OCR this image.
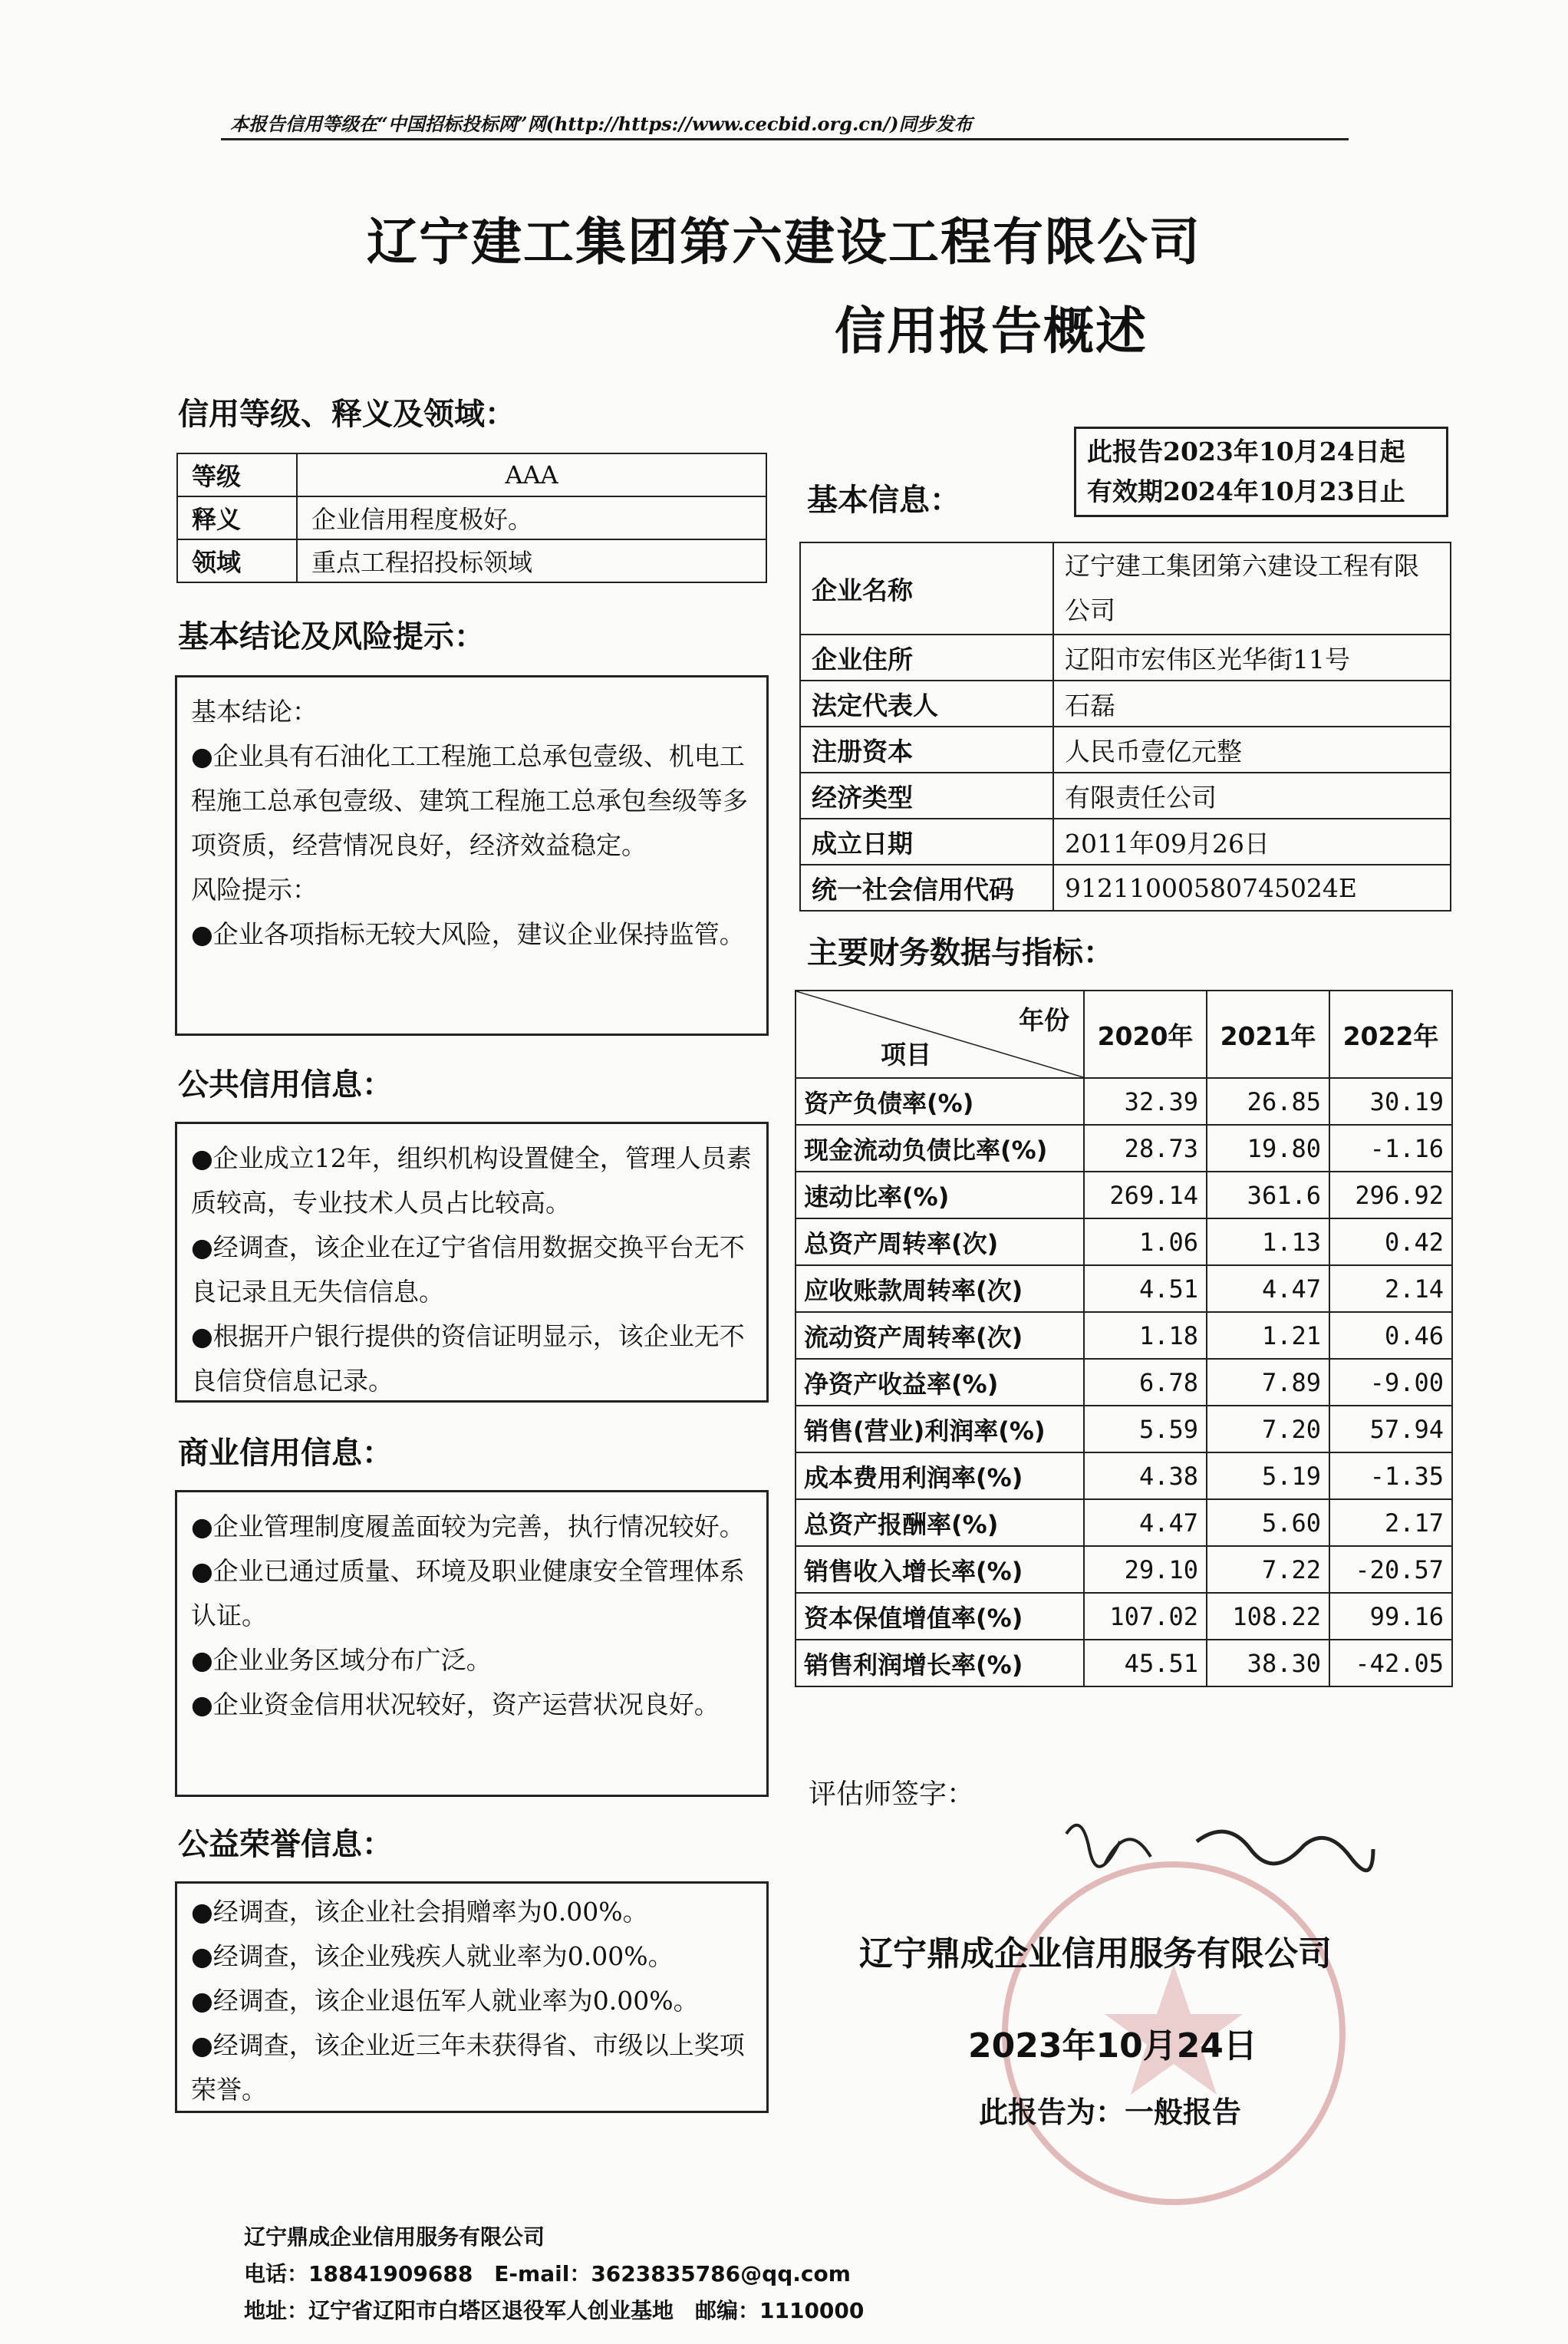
本报告信用等级在“中国招标投标网”网(http://https://www.cecbid.org.cn/)同步发布
辽宁建工集团第六建设工程有限公司
信用报告概述
信用等级、释义及领域：
等级	AAA
释义	企业信用程度极好。
领域	重点工程招投标领域
基本结论及风险提示：

基本结论：

●企业具有石油化工工程施工总承包壹级、机电工程施工总承包壹级、建筑工程施工总承包叁级等多项资质，经营情况良好，经济效益稳定。

风险提示：

●企业各项指标无较大风险，建议企业保持监管。

公共信用信息：

●企业成立12年，组织机构设置健全，管理人员素质较高，专业技术人员占比较高。

●经调查，该企业在辽宁省信用数据交换平台无不良记录且无失信信息。

●根据开户银行提供的资信证明显示，该企业无不良信贷信息记录。

商业信用信息：

●企业管理制度履盖面较为完善，执行情况较好。

●企业已通过质量、环境及职业健康安全管理体系认证。

●企业业务区域分布广泛。

●企业资金信用状况较好，资产运营状况良好。

公益荣誉信息：

●经调查，该企业社会捐赠率为0.00%。

●经调查，该企业残疾人就业率为0.00%。

●经调查，该企业退伍军人就业率为0.00%。

●经调查，该企业近三年未获得省、市级以上奖项荣誉。

此报告2023年10月24日起
有效期2024年10月23日止
基本信息：
企业名称	辽宁建工集团第六建设工程有限公司
企业住所	辽阳市宏伟区光华街11号
法定代表人	石磊
注册资本	人民币壹亿元整
经济类型	有限责任公司
成立日期	2011年09月26日
统一社会信用代码	91211000580745024E
主要财务数据与指标：
年份
项目	2020年	2021年	2022年
资产负债率(%)	32.39	26.85	30.19
现金流动负债比率(%)	28.73	19.80	-1.16
速动比率(%)	269.14	361.6	296.92
总资产周转率(次)	1.06	1.13	0.42
应收账款周转率(次)	4.51	4.47	2.14
流动资产周转率(次)	1.18	1.21	0.46
净资产收益率(%)	6.78	7.89	-9.00
销售(营业)利润率(%)	5.59	7.20	57.94
成本费用利润率(%)	4.38	5.19	-1.35
总资产报酬率(%)	4.47	5.60	2.17
销售收入增长率(%)	29.10	7.22	-20.57
资本保值增值率(%)	107.02	108.22	99.16
销售利润增长率(%)	45.51	38.30	-42.05
评估师签字：
辽宁鼎成企业信用服务有限公司
2023年10月24日
此报告为：一般报告
辽宁鼎成企业信用服务有限公司
电话：18841909688　E-mail：3623835786@qq.com
地址：辽宁省辽阳市白塔区退役军人创业基地　邮编：1110000
